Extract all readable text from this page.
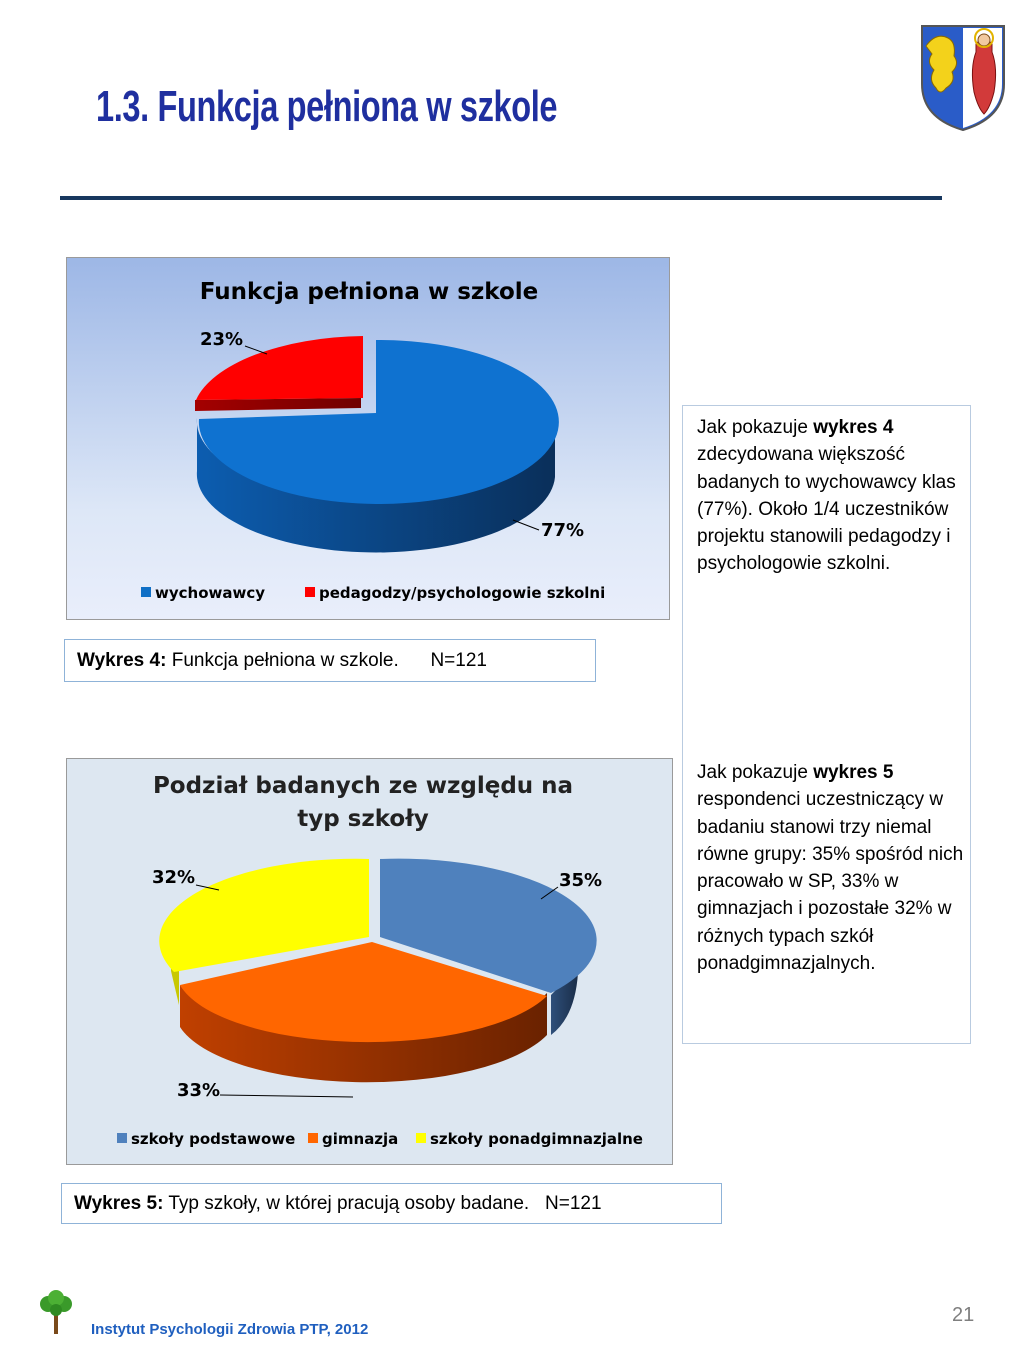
1.3. Funkcja pełniona w szkole
Funkcja pełniona w szkole
23%
77%
wychowawcy	pedagodzy/psychologowie szkolni
Wykres 4: Funkcja pełniona w szkole.      N=121
Jak pokazuje wykres 4 zdecydowana większość badanych to wychowawcy klas (77%). Około 1/4 uczestników projektu stanowili pedagodzy i psychologowie szkolni.
Jak pokazuje wykres 5 respondenci uczestniczący w badaniu stanowi trzy niemal równe grupy: 35% spośród nich pracowało w SP, 33% w gimnazjach i pozostałe 32% w różnych typach szkół ponadgimnazjalnych.
Podział badanych ze względu na
typ szkoły
32%	35%
33%
szkoły podstawowe gimnazja szkoły ponadgimnazjalne
Wykres 5: Typ szkoły, w której pracują osoby badane.   N=121
Instytut Psychologii Zdrowia PTP, 2012
21
